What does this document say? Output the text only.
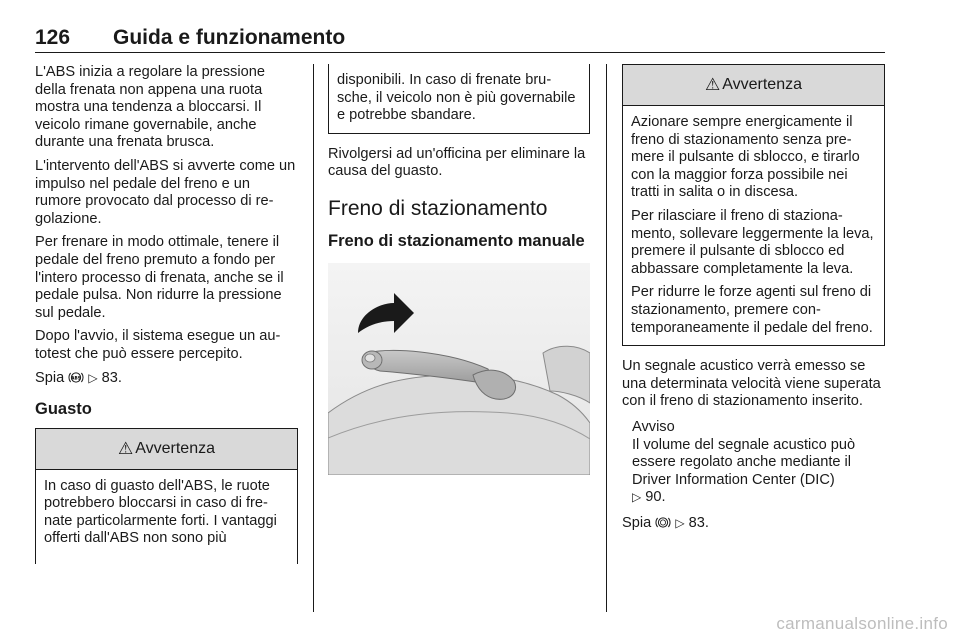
126 Guida e funzionamento

L'ABS inizia a regolare la pressione della frenata non appena una ruota mostra una tendenza a bloccarsi. Il veicolo rimane governabile, anche durante una frenata brusca.

L'intervento dell'ABS si avverte come un impulso nel pedale del freno e un rumore provocato dal processo di regolazione.

Per frenare in modo ottimale, tenere il pedale del freno premuto a fondo per l'intero processo di frenata, anche se il pedale pulsa. Non ridurre la pressione sul pedale.

Dopo l'avvio, il sistema esegue un autotest che può essere percepito.

Spia ABS ▷ 83.

Guasto

⚠ Avvertenza

In caso di guasto dell'ABS, le ruote potrebbero bloccarsi in caso di frenate particolarmente forti. I vantaggi offerti dall'ABS non sono più

disponibili. In caso di frenate brusche, il veicolo non è più governabile e potrebbe sbandare.

Rivolgersi ad un'officina per eliminare la causa del guasto.

Freno di stazionamento

Freno di stazionamento manuale

⚠ Avvertenza

Azionare sempre energicamente il freno di stazionamento senza premere il pulsante di sblocco, e tirarlo con la maggior forza possibile nei tratti in salita o in discesa.

Per rilasciare il freno di stazionamento, sollevare leggermente la leva, premere il pulsante di sblocco ed abbassare completamente la leva.

Per ridurre le forze agenti sul freno di stazionamento, premere contemporaneamente il pedale del freno.

Un segnale acustico verrà emesso se una determinata velocità viene superata con il freno di stazionamento inserito.

Avviso
Il volume del segnale acustico può essere regolato anche mediante il Driver Information Center (DIC)
▷ 90.

Spia ▷ 83.

carmanualsonline.info
